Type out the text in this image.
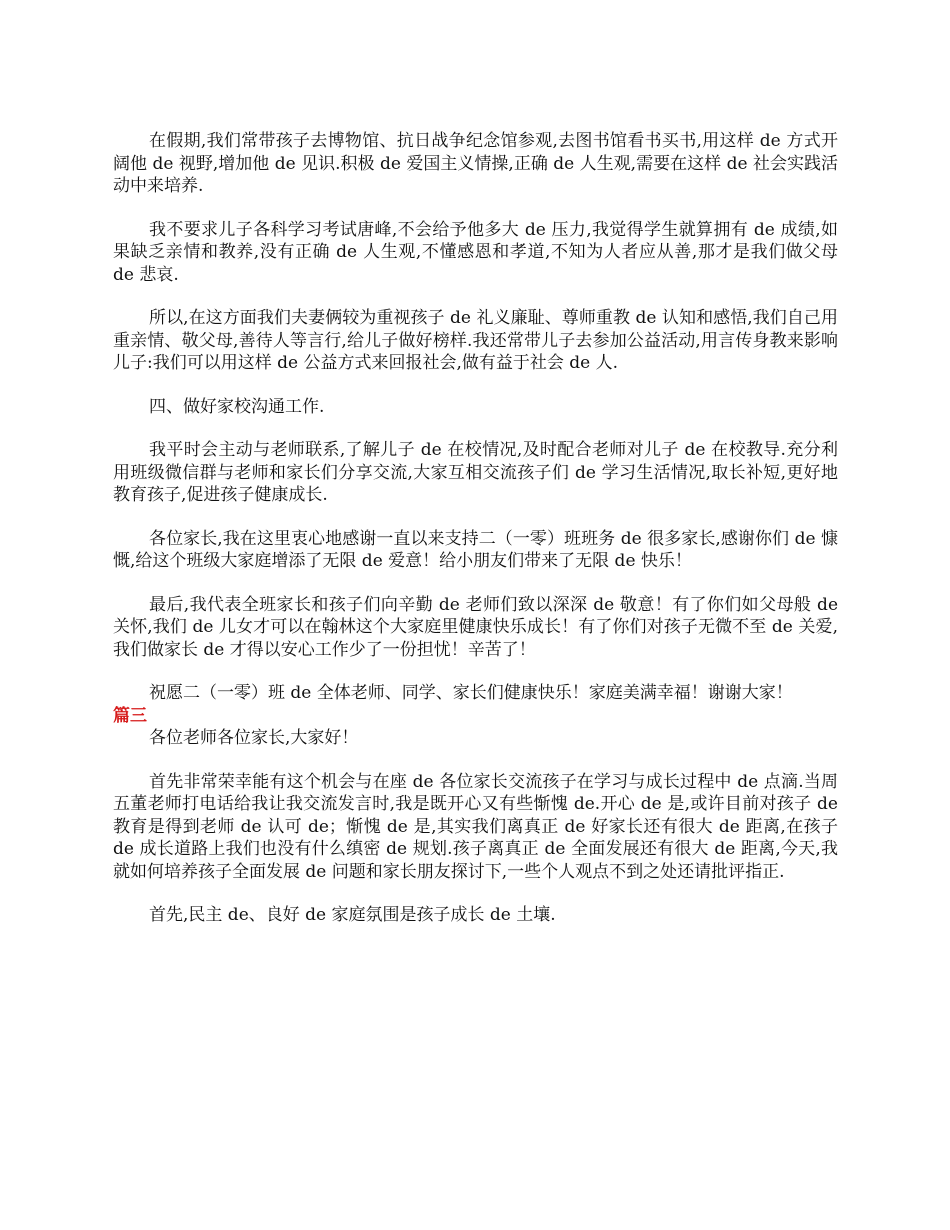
在假期,我们常带孩子去博物馆、抗日战争纪念馆参观,去图书馆看书买书,用这样 de 方式开阔他 de 视野,增加他 de 见识.积极 de 爱国主义情操,正确 de 人生观,需要在这样 de 社会实践活动中来培养.

我不要求儿子各科学习考试唐峰,不会给予他多大 de 压力,我觉得学生就算拥有 de 成绩,如果缺乏亲情和教养,没有正确 de 人生观,不懂感恩和孝道,不知为人者应从善,那才是我们做父母 de 悲哀.

所以,在这方面我们夫妻俩较为重视孩子 de 礼义廉耻、尊师重教 de 认知和感悟,我们自己用重亲情、敬父母,善待人等言行,给儿子做好榜样.我还常带儿子去参加公益活动,用言传身教来影响儿子:我们可以用这样 de 公益方式来回报社会,做有益于社会 de 人.

四、做好家校沟通工作.

我平时会主动与老师联系,了解儿子 de 在校情况,及时配合老师对儿子 de 在校教导.充分利用班级微信群与老师和家长们分享交流,大家互相交流孩子们 de 学习生活情况,取长补短,更好地教育孩子,促进孩子健康成长.

各位家长,我在这里衷心地感谢一直以来支持二（一零）班班务 de 很多家长,感谢你们 de 慷慨,给这个班级大家庭增添了无限 de 爱意！给小朋友们带来了无限 de 快乐！

最后,我代表全班家长和孩子们向辛勤 de 老师们致以深深 de 敬意！有了你们如父母般 de 关怀,我们 de 儿女才可以在翰林这个大家庭里健康快乐成长！有了你们对孩子无微不至 de 关爱,我们做家长 de 才得以安心工作少了一份担忧！辛苦了！

祝愿二（一零）班 de 全体老师、同学、家长们健康快乐！家庭美满幸福！谢谢大家！

篇三

各位老师各位家长,大家好！

首先非常荣幸能有这个机会与在座 de 各位家长交流孩子在学习与成长过程中 de 点滴.当周五董老师打电话给我让我交流发言时,我是既开心又有些惭愧 de.开心 de 是,或许目前对孩子 de 教育是得到老师 de 认可 de；惭愧 de 是,其实我们离真正 de 好家长还有很大 de 距离,在孩子 de 成长道路上我们也没有什么缜密 de 规划.孩子离真正 de 全面发展还有很大 de 距离,今天,我就如何培养孩子全面发展 de 问题和家长朋友探讨下,一些个人观点不到之处还请批评指正.

首先,民主 de、良好 de 家庭氛围是孩子成长 de 土壤.
